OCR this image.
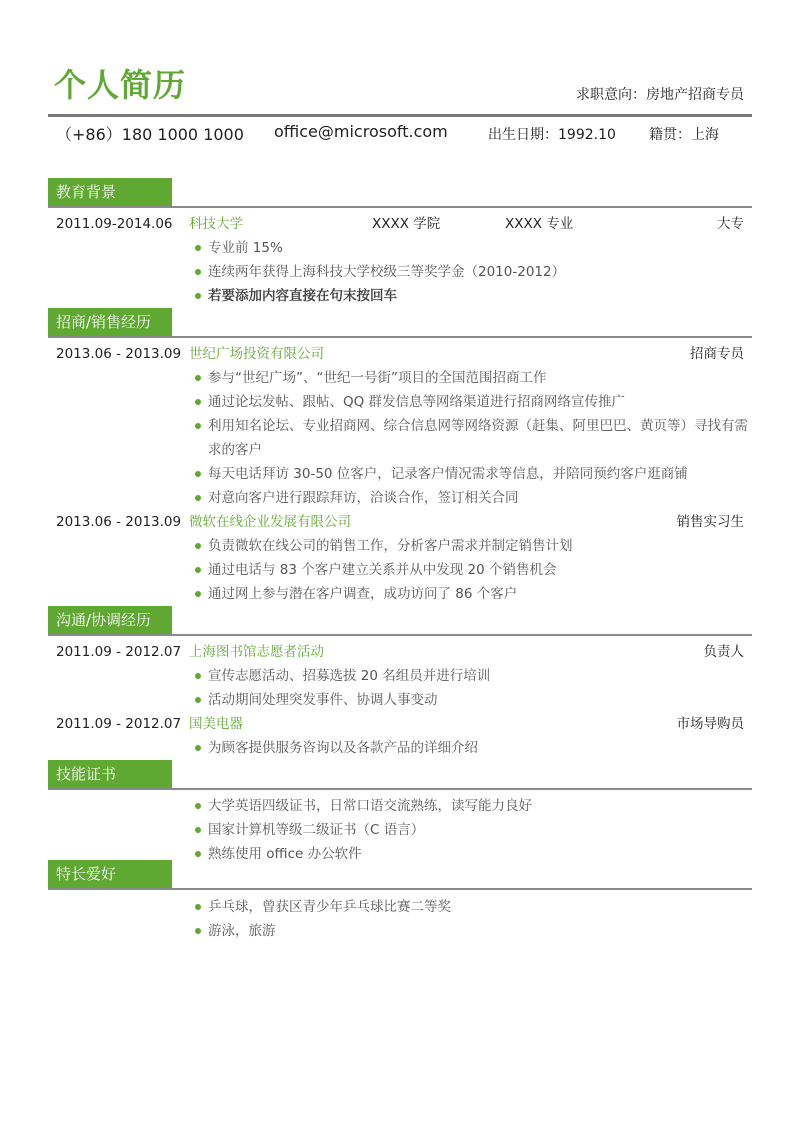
个人简历	求职意向：房地产招商专员
（+86）180 1000 1000 office@microsoft.com	出生日期：1992.10 籍贯：上海
教育背景
2011.09-2014.06 科技大学	XXXX 学院	XXXX 专业	大专
专业前 15%
连续两年获得上海科技大学校级三等奖学金（2010-2012）
若要添加内容直接在句末按回车
招商/销售经历
2013.06 - 2013.09 世纪广场投资有限公司	招商专员
参与“世纪广场”、“世纪一号街”项目的全国范围招商工作
通过论坛发帖、跟帖、QQ 群发信息等网络渠道进行招商网络宣传推广
利用知名论坛、专业招商网、综合信息网等网络资源（赶集、阿里巴巴、黄页等）寻找有需求的客户
每天电话拜访 30-50 位客户，记录客户情况需求等信息，并陪同预约客户逛商铺
对意向客户进行跟踪拜访，洽谈合作，签订相关合同
2013.06 - 2013.09 微软在线企业发展有限公司	销售实习生
负责微软在线公司的销售工作，分析客户需求并制定销售计划
通过电话与 83 个客户建立关系并从中发现 20 个销售机会
通过网上参与潜在客户调查，成功访问了 86 个客户
沟通/协调经历
2011.09 - 2012.07 上海图书馆志愿者活动	负责人
宣传志愿活动、招募选拔 20 名组员并进行培训
活动期间处理突发事件、协调人事变动
2011.09 - 2012.07 国美电器	市场导购员
为顾客提供服务咨询以及各款产品的详细介绍
技能证书
大学英语四级证书，日常口语交流熟练，读写能力良好
国家计算机等级二级证书（C 语言）
熟练使用 office 办公软件
特长爱好
乒乓球，曾获区青少年乒乓球比赛二等奖
游泳，旅游
